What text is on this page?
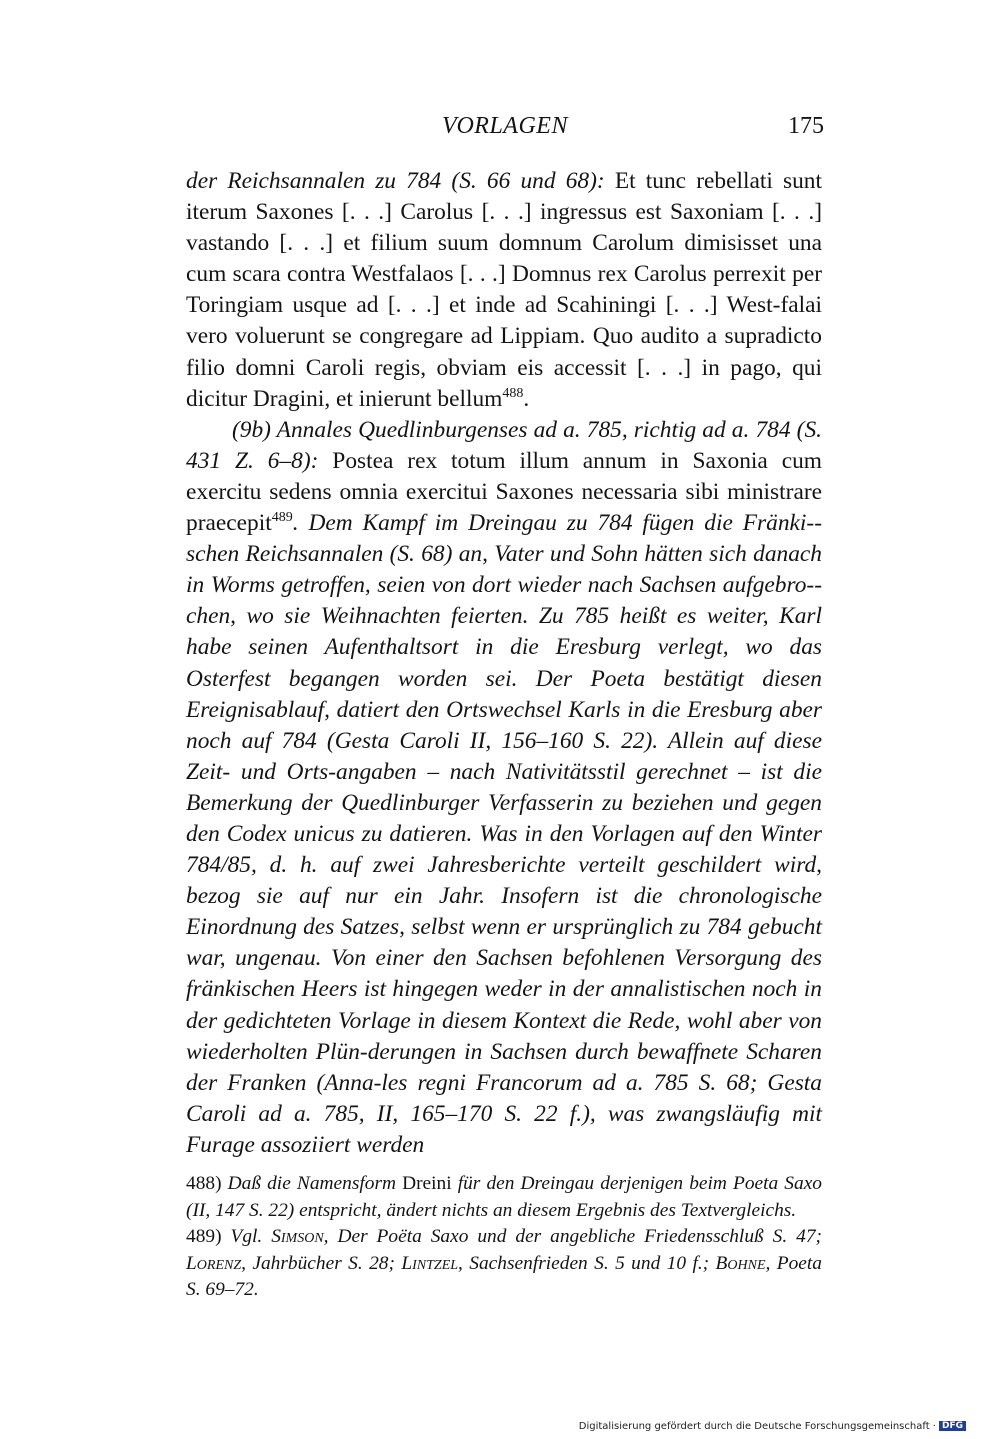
VORLAGEN	175

der Reichsannalen zu 784 (S. 66 und 68): Et tunc rebellati sunt iterum Saxones [. . .] Carolus [. . .] ingressus est Saxoniam [. . .] vastando [. . .] et filium suum domnum Carolum dimisisset una cum scara contra Westfalaos [. . .] Domnus rex Carolus perrexit per Toringiam usque ad [. . .] et inde ad Scahiningi [. . .] West-falai vero voluerunt se congregare ad Lippiam. Quo audito a supradicto filio domni Caroli regis, obviam eis accessit [. . .] in pago, qui dicitur Dragini, et inierunt bellum$^{488}$.

(9b) Annales Quedlinburgenses ad a. 785, richtig ad a. 784 (S. 431 Z. 6–8): Postea rex totum illum annum in Saxonia cum exercitu sedens omnia exercitui Saxones necessaria sibi ministrare praecepit$^{489}$. Dem Kampf im Dreingau zu 784 fügen die Fränki-schen Reichsannalen (S. 68) an, Vater und Sohn hätten sich danach in Worms getroffen, seien von dort wieder nach Sachsen aufgebro-chen, wo sie Weihnachten feierten. Zu 785 heißt es weiter, Karl habe seinen Aufenthaltsort in die Eresburg verlegt, wo das Osterfest begangen worden sei. Der Poeta bestätigt diesen Ereignisablauf, datiert den Ortswechsel Karls in die Eresburg aber noch auf 784 (Gesta Caroli II, 156–160 S. 22). Allein auf diese Zeit- und Orts-angaben – nach Nativitätsstil gerechnet – ist die Bemerkung der Quedlinburger Verfasserin zu beziehen und gegen den Codex unicus zu datieren. Was in den Vorlagen auf den Winter 784/85, d. h. auf zwei Jahresberichte verteilt geschildert wird, bezog sie auf nur ein Jahr. Insofern ist die chronologische Einordnung des Satzes, selbst wenn er ursprünglich zu 784 gebucht war, ungenau. Von einer den Sachsen befohlenen Versorgung des fränkischen Heers ist hingegen weder in der annalistischen noch in der gedichteten Vorlage in diesem Kontext die Rede, wohl aber von wiederholten Plün-derungen in Sachsen durch bewaffnete Scharen der Franken (Anna-les regni Francorum ad a. 785 S. 68; Gesta Caroli ad a. 785, II, 165–170 S. 22 f.), was zwangsläufig mit Furage assoziiert werden

488) Daß die Namensform Dreini für den Dreingau derjenigen beim Poeta Saxo (II, 147 S. 22) entspricht, ändert nichts an diesem Ergebnis des Textvergleichs.

489) Vgl. Simson, Der Poëta Saxo und der angebliche Friedensschluß S. 47; Lorenz, Jahrbücher S. 28; Lintzel, Sachsenfrieden S. 5 und 10 f.; Bohne, Poeta S. 69–72.

Digitalisierung gefördert durch die Deutsche Forschungsgemeinschaft · DFG
